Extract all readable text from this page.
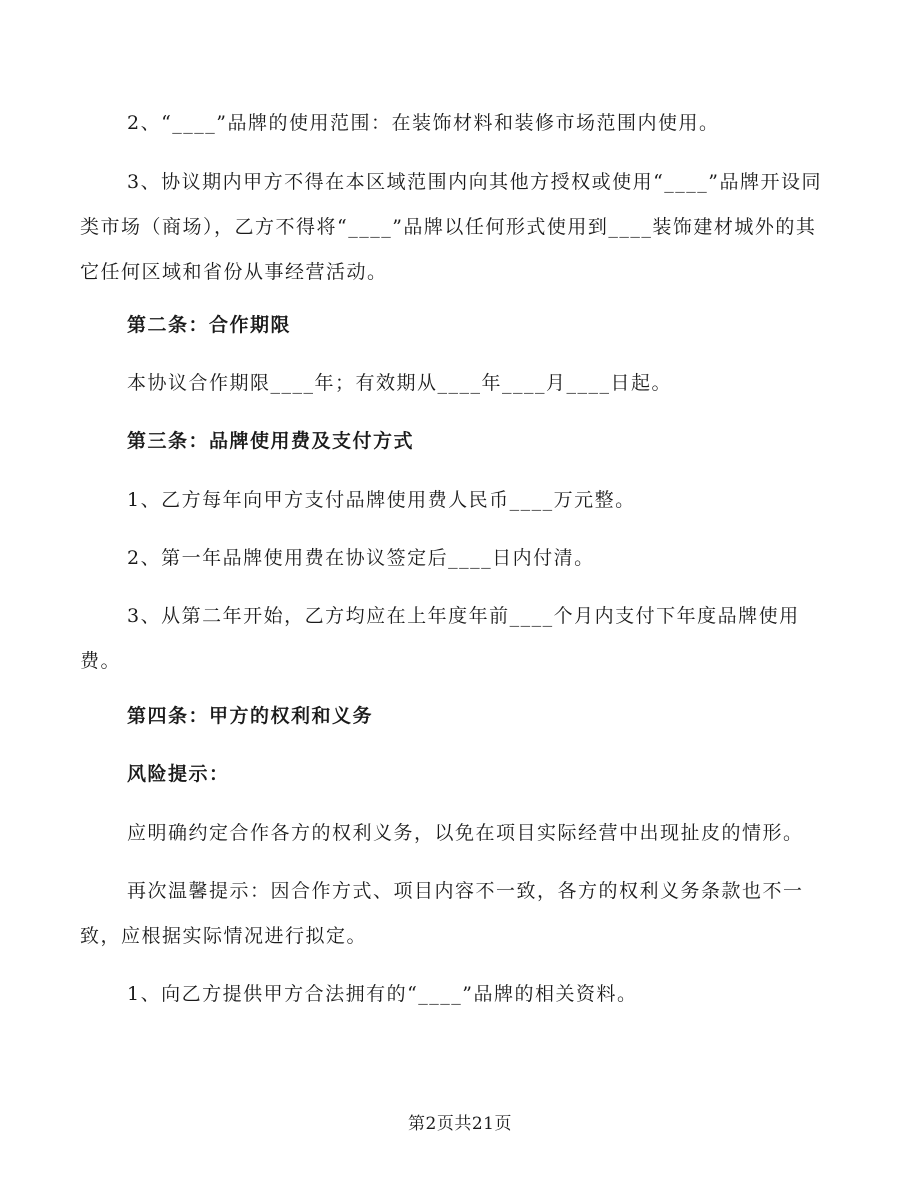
2、“____”品牌的使用范围：在装饰材料和装修市场范围内使用。

3、协议期内甲方不得在本区域范围内向其他方授权或使用“____”品牌开设同类市场（商场），乙方不得将“____”品牌以任何形式使用到____装饰建材城外的其它任何区域和省份从事经营活动。

第二条：合作期限

本协议合作期限____年；有效期从____年____月____日起。

第三条：品牌使用费及支付方式

1、乙方每年向甲方支付品牌使用费人民币____万元整。

2、第一年品牌使用费在协议签定后____日内付清。

3、从第二年开始，乙方均应在上年度年前____个月内支付下年度品牌使用费。

第四条：甲方的权利和义务

风险提示：

应明确约定合作各方的权利义务，以免在项目实际经营中出现扯皮的情形。

再次温馨提示：因合作方式、项目内容不一致，各方的权利义务条款也不一致，应根据实际情况进行拟定。

1、向乙方提供甲方合法拥有的“____”品牌的相关资料。

第2页共21页
